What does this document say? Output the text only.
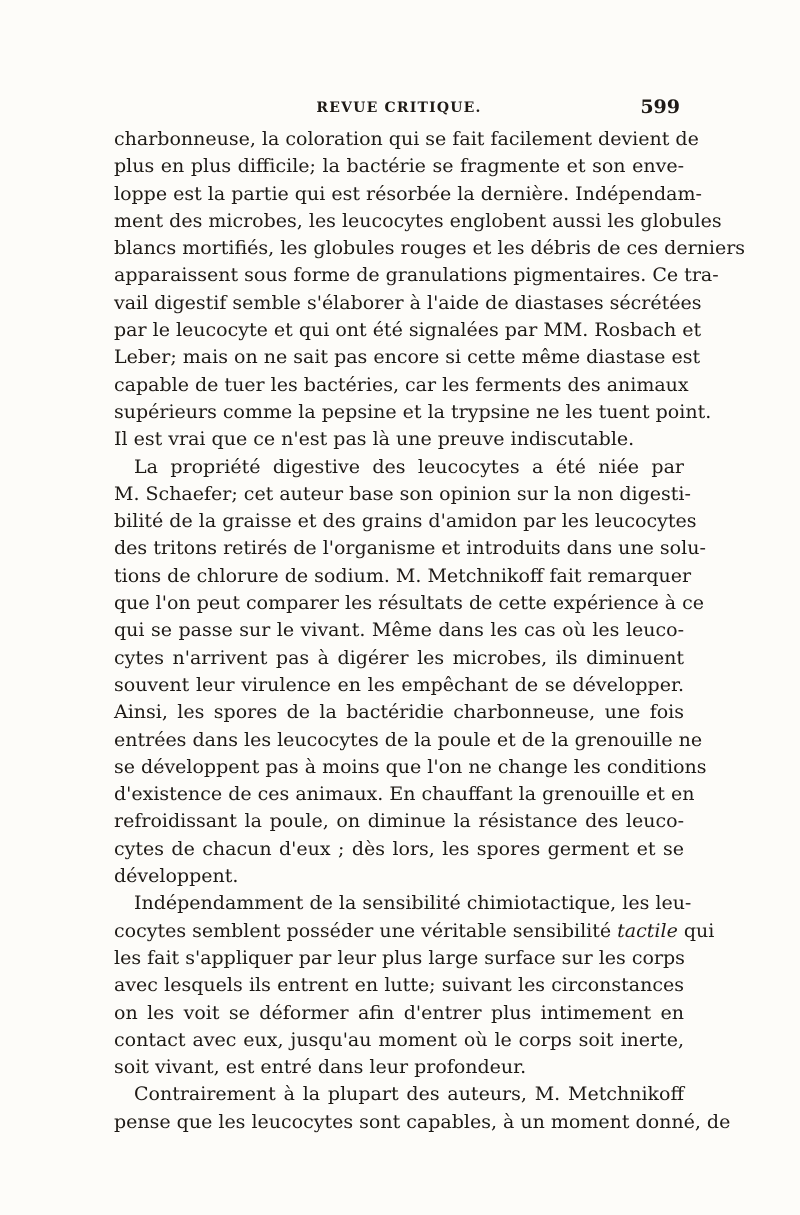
REVUE CRITIQUE.	599
charbonneuse, la coloration qui se fait facilement devient de
plus en plus difficile; la bactérie se fragmente et son enve-
loppe est la partie qui est résorbée la dernière. Indépendam-
ment des microbes, les leucocytes englobent aussi les globules
blancs mortifiés, les globules rouges et les débris de ces derniers
apparaissent sous forme de granulations pigmentaires. Ce tra-
vail digestif semble s'élaborer à l'aide de diastases sécrétées
par le leucocyte et qui ont été signalées par MM. Rosbach et
Leber; mais on ne sait pas encore si cette même diastase est
capable de tuer les bactéries, car les ferments des animaux
supérieurs comme la pepsine et la trypsine ne les tuent point.
Il est vrai que ce n'est pas là une preuve indiscutable.
La propriété digestive des leucocytes a été niée par
M. Schaefer; cet auteur base son opinion sur la non digesti-
bilité de la graisse et des grains d'amidon par les leucocytes
des tritons retirés de l'organisme et introduits dans une solu-
tions de chlorure de sodium. M. Metchnikoff fait remarquer
que l'on peut comparer les résultats de cette expérience à ce
qui se passe sur le vivant. Même dans les cas où les leuco-
cytes n'arrivent pas à digérer les microbes, ils diminuent
souvent leur virulence en les empêchant de se développer.
Ainsi, les spores de la bactéridie charbonneuse, une fois
entrées dans les leucocytes de la poule et de la grenouille ne
se développent pas à moins que l'on ne change les conditions
d'existence de ces animaux. En chauffant la grenouille et en
refroidissant la poule, on diminue la résistance des leuco-
cytes de chacun d'eux ; dès lors, les spores germent et se
développent.
Indépendamment de la sensibilité chimiotactique, les leu-
cocytes semblent posséder une véritable sensibilité tactile qui
les fait s'appliquer par leur plus large surface sur les corps
avec lesquels ils entrent en lutte; suivant les circonstances
on les voit se déformer afin d'entrer plus intimement en
contact avec eux, jusqu'au moment où le corps soit inerte,
soit vivant, est entré dans leur profondeur.
Contrairement à la plupart des auteurs, M. Metchnikoff
pense que les leucocytes sont capables, à un moment donné, de
